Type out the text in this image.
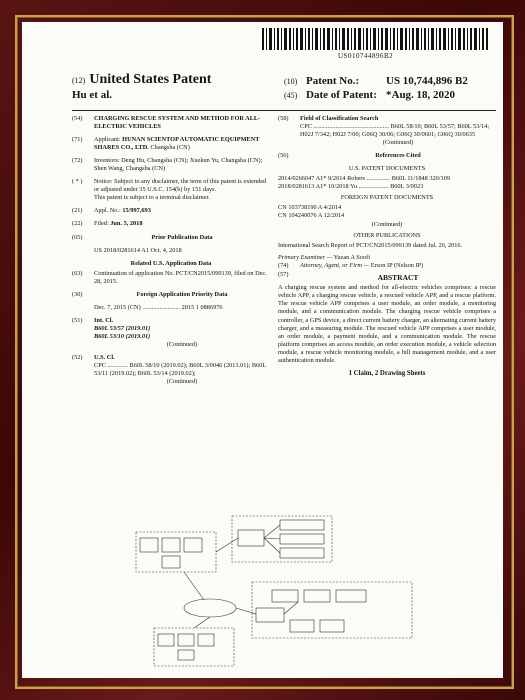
US010744896B2
(12) United States Patent
Hu et al.
(10) Patent No.:	US 10,744,896 B2
(45) Date of Patent: *Aug. 18, 2020
(54)	CHARGING RESCUE SYSTEM AND METHOD FOR ALL-ELECTRIC VEHICLES
(71)	Applicant: HUNAN SCIENTOP AUTOMATIC EQUIPMENT SHARES CO., LTD. Changsha (CN)
(72)	Inventors: Deng Hu, Changsha (CN); Xuekun Yu, Changsha (CN); Shen Wang, Changsha (CN)
( * )	Notice: Subject to any disclaimer, the term of this patent is extended or adjusted under 35 U.S.C. 154(b) by 151 days.
This patent is subject to a terminal disclaimer.
(21)	Appl. No.: 15/997,693
(22)	Filed: Jun. 5, 2018
(65)	Prior Publication Data
US 2018/0281614 A1 Oct. 4, 2018
Related U.S. Application Data
(63)	Continuation of application No. PCT/CN2015/099139, filed on Dec. 28, 2015.
(30)	Foreign Application Priority Data
Dec. 7, 2015 (CN) ........................ 2015 1 0886976
(51)	Int. Cl.
B60L 53/57 (2019.01)
B60L 53/10 (2019.01)

(Continued)
(52)	U.S. Cl.
CPC ............. B60L 58/10 (2019.02); B60L 3/0046 (2013.01); B60L 53/11 (2019.02); B60L 53/14 (2019.02);

(Continued)
(58)	Field of Classification Search
CPC ................................................ B60L 58/10; B60L 53/57; B60L 53/14; H02J 7/342; H02J 7/00; G06Q 30/06; G06Q 30/0601; G06Q 30/0635

(Continued)
(56)	References Cited
U.S. PATENT DOCUMENTS
2014/0266047 A1* 9/2014 Robers ............... B60L 11/1848 320/109
2018/0281613 A1* 10/2018 Yu ................... B60L 3/0023
FOREIGN PATENT DOCUMENTS
CN 103738190 A 4/2014
CN 104240076 A 12/2014
(Continued)
OTHER PUBLICATIONS
International Search Report of PCT/CN2015/099139 dated Jul. 26, 2016.
Primary Examiner — Yuzan A Soofi
(74)	Attorney, Agent, or Firm — Erson IP (Nelson IP)
(57)	ABSTRACT
A charging rescue system and method for all-electric vehicles comprises: a rescue vehicle APP, a charging rescue vehicle, a rescued vehicle APP, and a rescue platform. The rescue vehicle APP comprises a user module, an order module, a monitoring module, and a communication module. The charging rescue vehicle comprises a controller, a GPS device, a direct current battery charger, an alternating current battery charger, and a measuring module. The rescued vehicle APP comprises a user module, an order module, a payment module, and a communication module. The rescue platform comprises an access module, an order execution module, a vehicle selection module, a rescue vehicle monitoring module, a bill management module, and a user authentication module.
1 Claim, 2 Drawing Sheets
